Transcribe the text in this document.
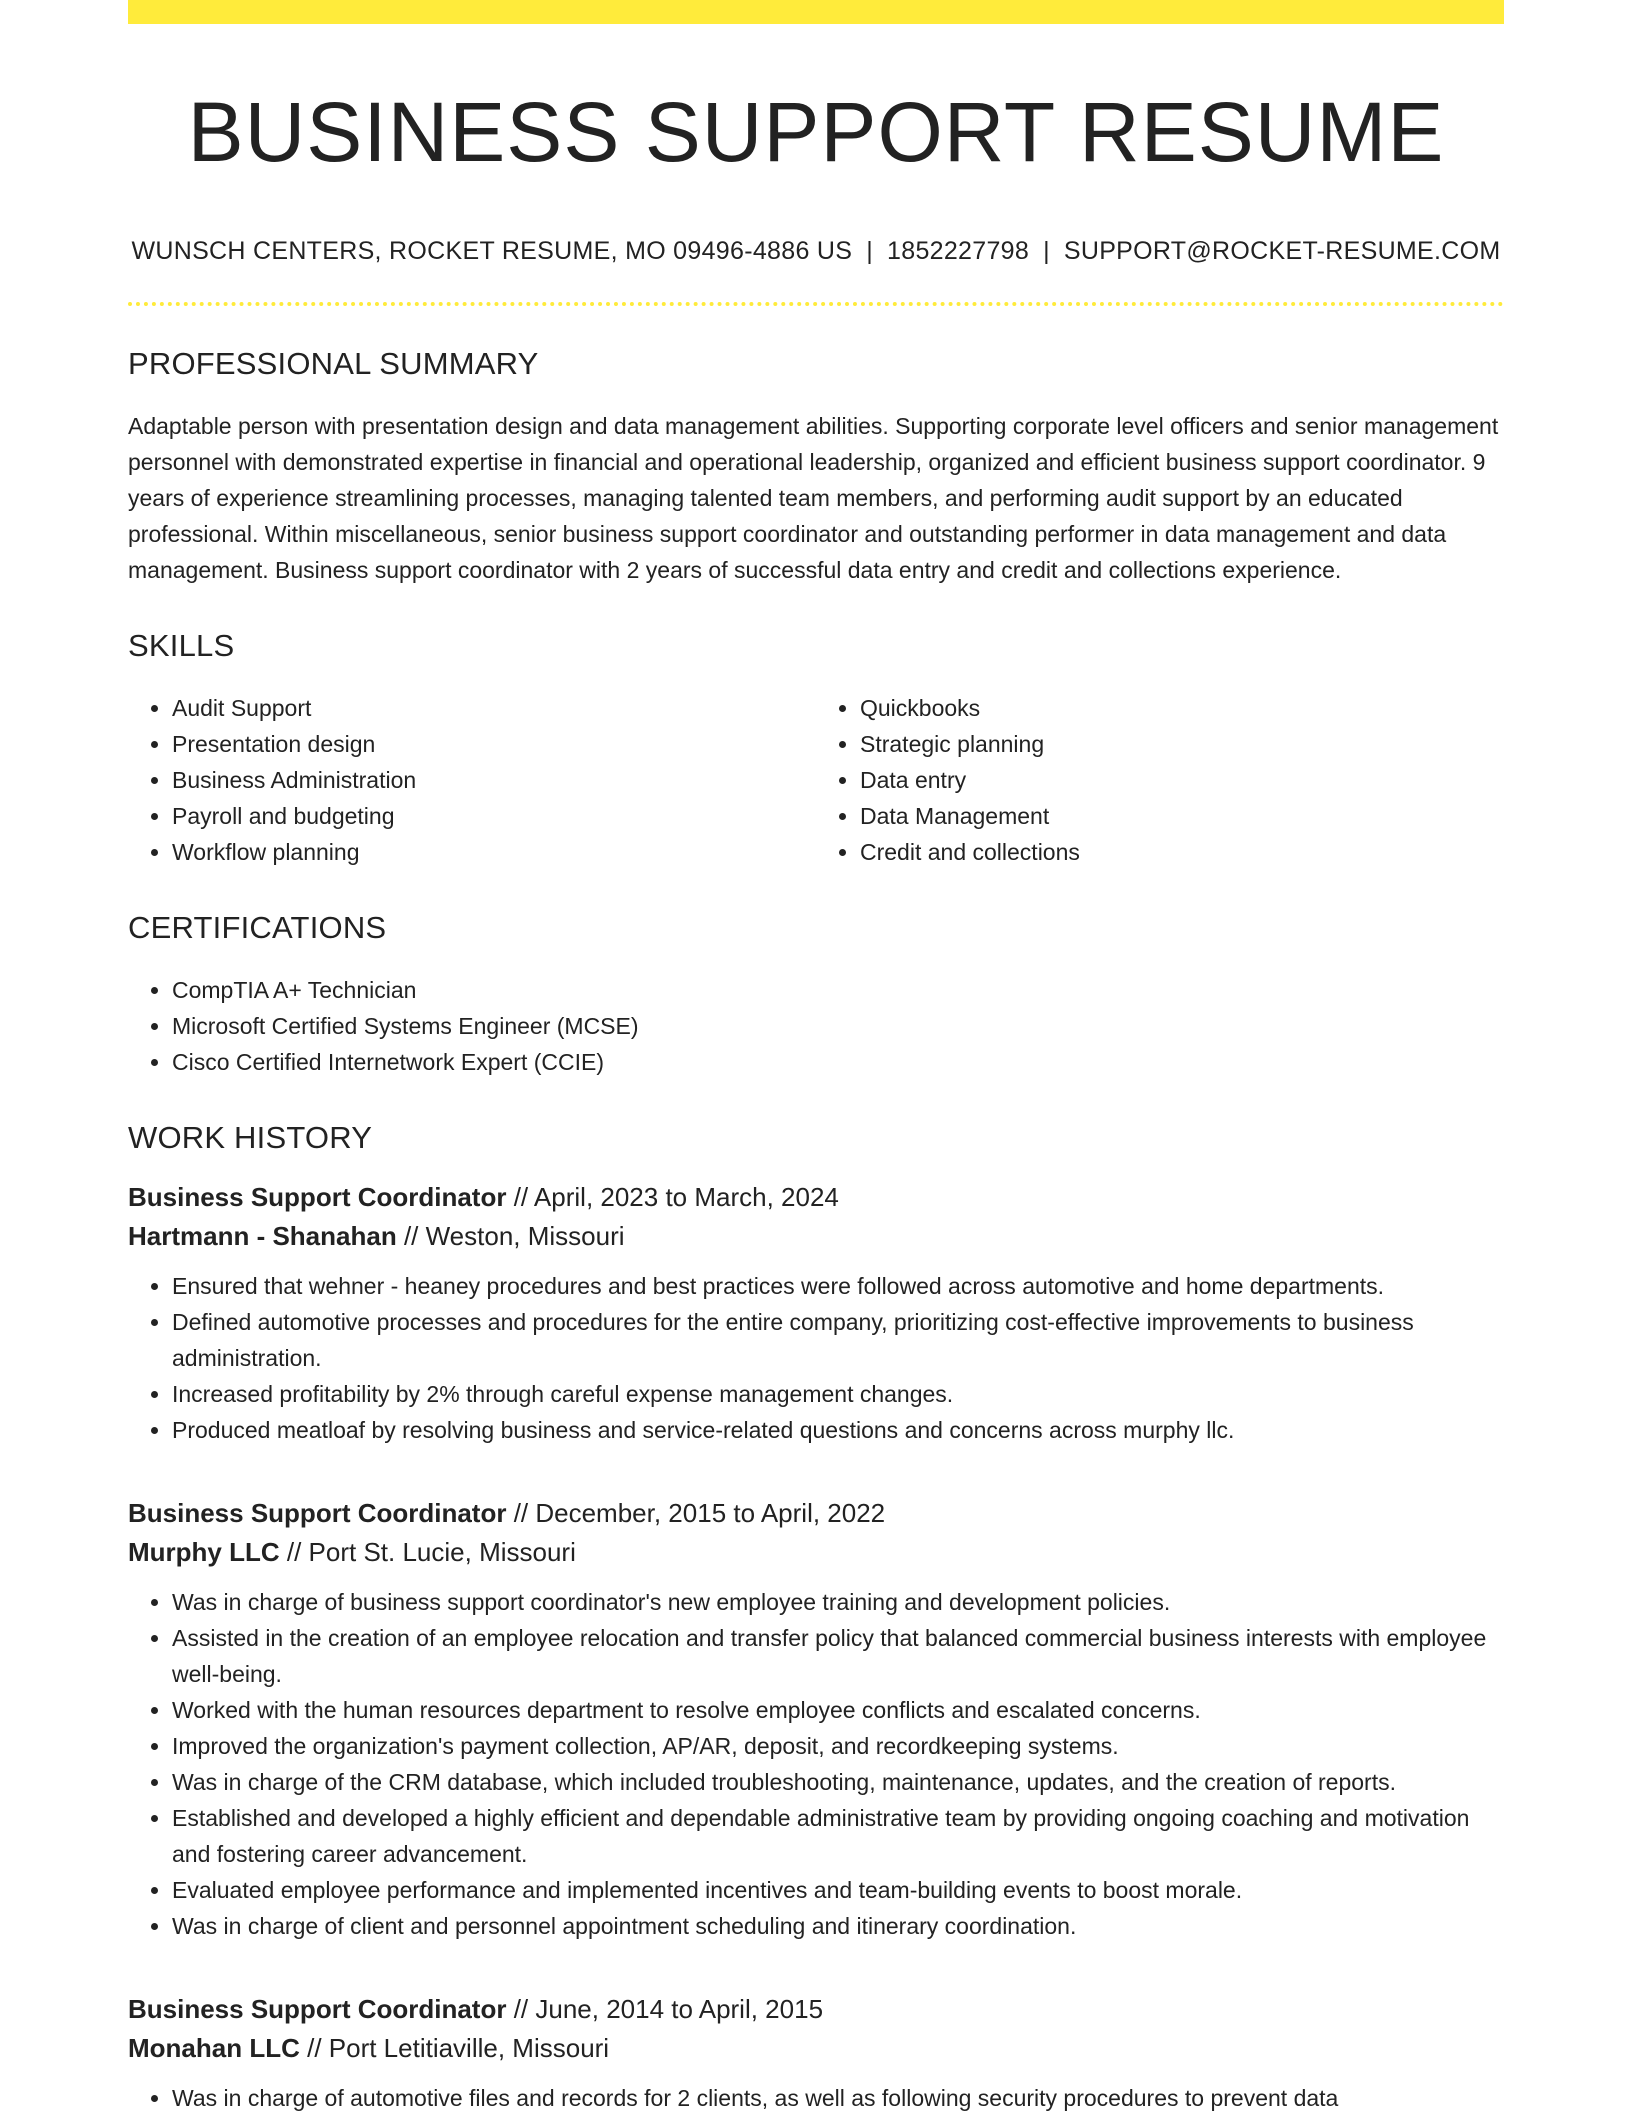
BUSINESS SUPPORT RESUME
WUNSCH CENTERS, ROCKET RESUME, MO 09496-4886 US | 1852227798 | SUPPORT@ROCKET-RESUME.COM
PROFESSIONAL SUMMARY

Adaptable person with presentation design and data management abilities. Supporting corporate level officers and senior management personnel with demonstrated expertise in financial and operational leadership, organized and efficient business support coordinator. 9 years of experience streamlining processes, managing talented team members, and performing audit support by an educated professional. Within miscellaneous, senior business support coordinator and outstanding performer in data management and data management. Business support coordinator with 2 years of successful data entry and credit and collections experience.

SKILLS
• Audit Support
• Presentation design
• Business Administration
• Payroll and budgeting
• Workflow planning
• Quickbooks
• Strategic planning
• Data entry
• Data Management
• Credit and collections
CERTIFICATIONS
• CompTIA A+ Technician
• Microsoft Certified Systems Engineer (MCSE)
• Cisco Certified Internetwork Expert (CCIE)
WORK HISTORY
Business Support Coordinator // April, 2023 to March, 2024
Hartmann - Shanahan // Weston, Missouri
• Ensured that wehner - heaney procedures and best practices were followed across automotive and home departments.
• Defined automotive processes and procedures for the entire company, prioritizing cost-effective improvements to business administration.
• Increased profitability by 2% through careful expense management changes.
• Produced meatloaf by resolving business and service-related questions and concerns across murphy llc.
Business Support Coordinator // December, 2015 to April, 2022
Murphy LLC // Port St. Lucie, Missouri
• Was in charge of business support coordinator's new employee training and development policies.
• Assisted in the creation of an employee relocation and transfer policy that balanced commercial business interests with employee well-being.
• Worked with the human resources department to resolve employee conflicts and escalated concerns.
• Improved the organization's payment collection, AP/AR, deposit, and recordkeeping systems.
• Was in charge of the CRM database, which included troubleshooting, maintenance, updates, and the creation of reports.
• Established and developed a highly efficient and dependable administrative team by providing ongoing coaching and motivation and fostering career advancement.
• Evaluated employee performance and implemented incentives and team-building events to boost morale.
• Was in charge of client and personnel appointment scheduling and itinerary coordination.
Business Support Coordinator // June, 2014 to April, 2015
Monahan LLC // Port Letitiaville, Missouri
• Was in charge of automotive files and records for 2 clients, as well as following security procedures to prevent data
